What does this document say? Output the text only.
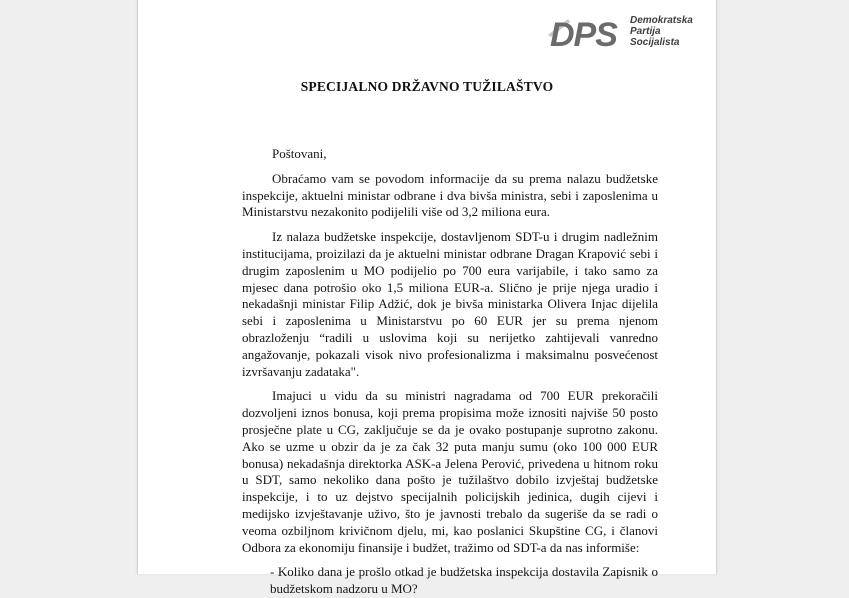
DPS Demokratska
Partija
Socijalista
SPECIJALNO DRŽAVNO TUŽILAŠTVO
Poštovani,
Obraćamo vam se povodom informacije da su prema nalazu budžetske inspekcije, aktuelni ministar odbrane i dva bivša ministra, sebi i zaposlenima u Ministarstvu nezakonito podijelili više od 3,2 miliona eura.
Iz nalaza budžetske inspekcije, dostavljenom SDT-u i drugim nadležnim institucijama, proizilazi da je aktuelni ministar odbrane Dragan Krapović sebi i drugim zaposlenim u MO podijelio po 700 eura varijabile, i tako samo za mjesec dana potrošio oko 1,5 miliona EUR-a. Slično je prije njega uradio i nekadašnji ministar Filip Adžić, dok je bivša ministarka Olivera Injac dijelila sebi i zaposlenima u Ministarstvu po 60 EUR jer su prema njenom obrazloženju “radili u uslovima koji su nerijetko zahtijevali vanredno angažovanje, pokazali visok nivo profesionalizma i maksimalnu posvećenost izvršavanju zadataka".
Imajuci u vidu da su ministri nagradama od 700 EUR prekoračili dozvoljeni iznos bonusa, koji prema propisima može iznositi najviše 50 posto prosječne plate u CG, zaključuje se da je ovako postupanje suprotno zakonu. Ako se uzme u obzir da je za čak 32 puta manju sumu (oko 100 000 EUR bonusa) nekadašnja direktorka ASK-a Jelena Perović, privedena u hitnom roku u SDT, samo nekoliko dana pošto je tužilaštvo dobilo izvještaj budžetske inspekcije, i to uz dejstvo specijalnih policijskih jedinica, dugih cijevi i medijsko izvještavanje uživo, što je javnosti trebalo da sugeriše da se radi o veoma ozbiljnom krivičnom djelu, mi, kao poslanici Skupštine CG, i članovi Odbora za ekonomiju finansije i budžet, tražimo od SDT-a da nas informiše:
- Koliko dana je prošlo otkad je budžetska inspekcija dostavila Zapisnik o budžetskom nadzoru u MO?
